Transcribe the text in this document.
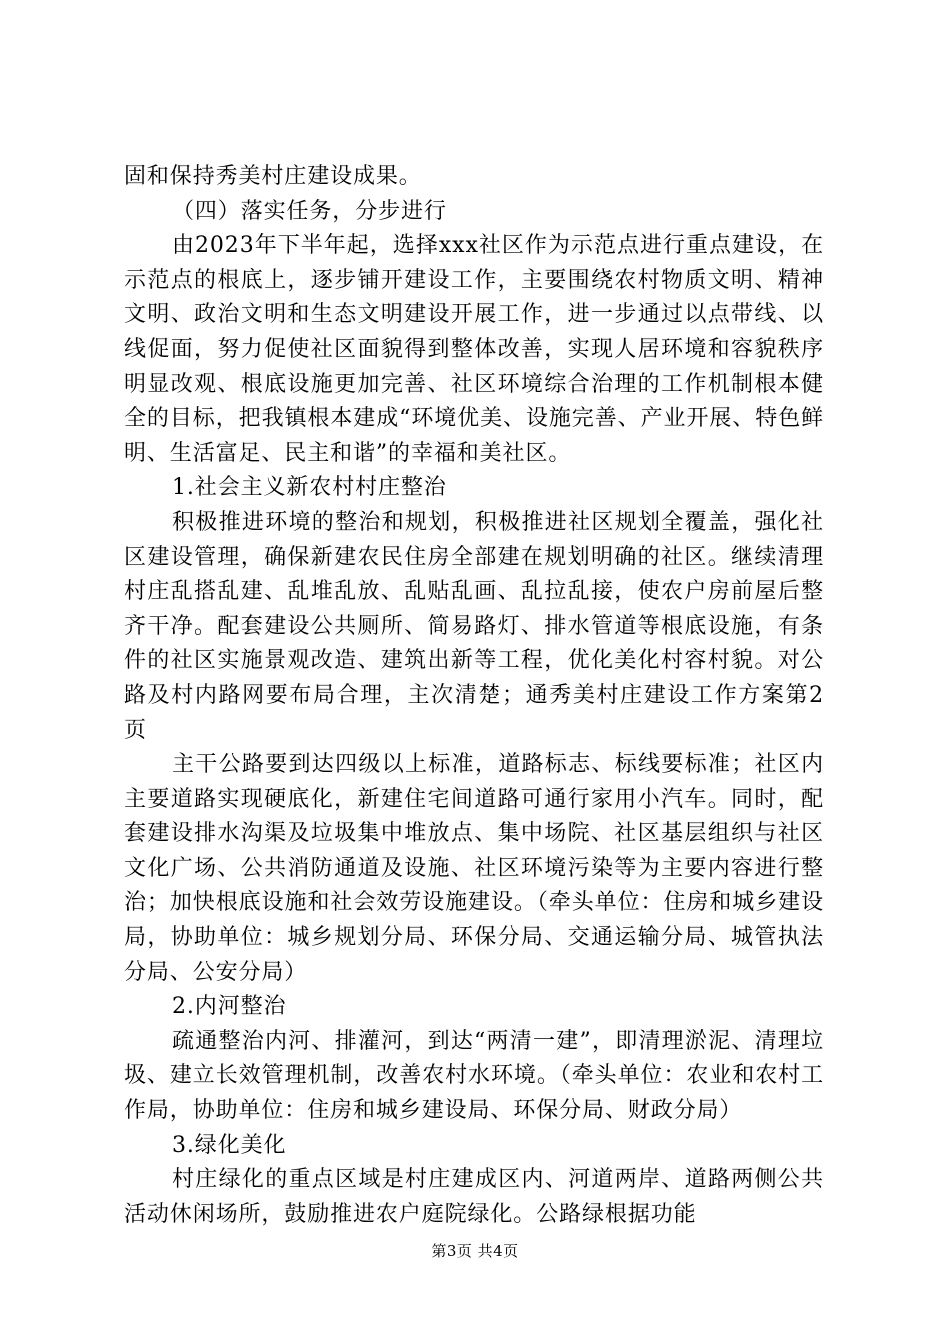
固和保持秀美村庄建设成果。

（四）落实任务，分步进行

由2023年下半年起，选择xxx社区作为示范点进行重点建设，在示范点的根底上，逐步铺开建设工作，主要围绕农村物质文明、精神文明、政治文明和生态文明建设开展工作，进一步通过以点带线、以线促面，努力促使社区面貌得到整体改善，实现人居环境和容貌秩序明显改观、根底设施更加完善、社区环境综合治理的工作机制根本健全的目标，把我镇根本建成“环境优美、设施完善、产业开展、特色鲜明、生活富足、民主和谐”的幸福和美社区。

1.社会主义新农村村庄整治

积极推进环境的整治和规划，积极推进社区规划全覆盖，强化社区建设管理，确保新建农民住房全部建在规划明确的社区。继续清理村庄乱搭乱建、乱堆乱放、乱贴乱画、乱拉乱接，使农户房前屋后整齐干净。配套建设公共厕所、简易路灯、排水管道等根底设施，有条件的社区实施景观改造、建筑出新等工程，优化美化村容村貌。对公路及村内路网要布局合理，主次清楚；通秀美村庄建设工作方案第2页

主干公路要到达四级以上标准，道路标志、标线要标准；社区内主要道路实现硬底化，新建住宅间道路可通行家用小汽车。同时，配套建设排水沟渠及垃圾集中堆放点、集中场院、社区基层组织与社区文化广场、公共消防通道及设施、社区环境污染等为主要内容进行整治；加快根底设施和社会效劳设施建设。（牵头单位：住房和城乡建设局，协助单位：城乡规划分局、环保分局、交通运输分局、城管执法分局、公安分局）

2.内河整治

疏通整治内河、排灌河，到达“两清一建”，即清理淤泥、清理垃圾、建立长效管理机制，改善农村水环境。（牵头单位：农业和农村工作局，协助单位：住房和城乡建设局、环保分局、财政分局）

3.绿化美化

村庄绿化的重点区域是村庄建成区内、河道两岸、道路两侧公共活动休闲场所，鼓励推进农户庭院绿化。公路绿根据功能

第3页 共4页
